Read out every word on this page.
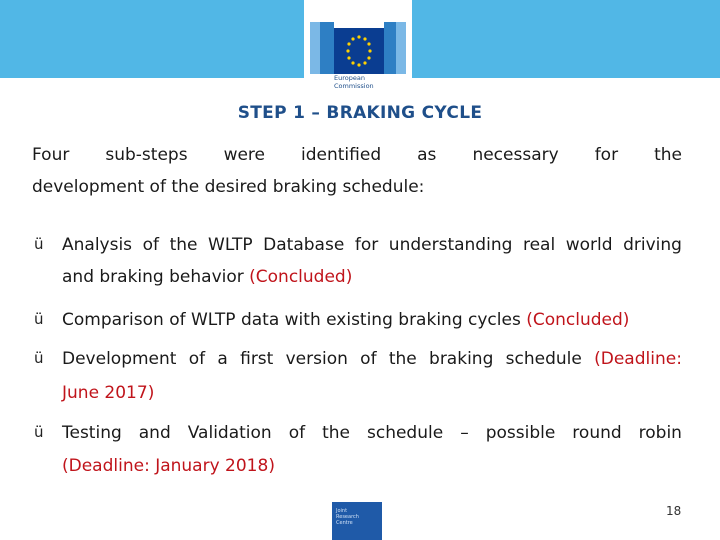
European
Commission
STEP 1 – BRAKING CYCLE
Four sub-steps were identified as necessary for the
development of the desired braking schedule:
ü Analysis of the WLTP Database for understanding real world driving
and braking behavior (Concluded)
ü Comparison of WLTP data with existing braking cycles (Concluded)
ü Development of a first version of the braking schedule (Deadline:
June 2017)
ü Testing and Validation of the schedule – possible round robin
(Deadline: January 2018)
Joint
Research
Centre
18
